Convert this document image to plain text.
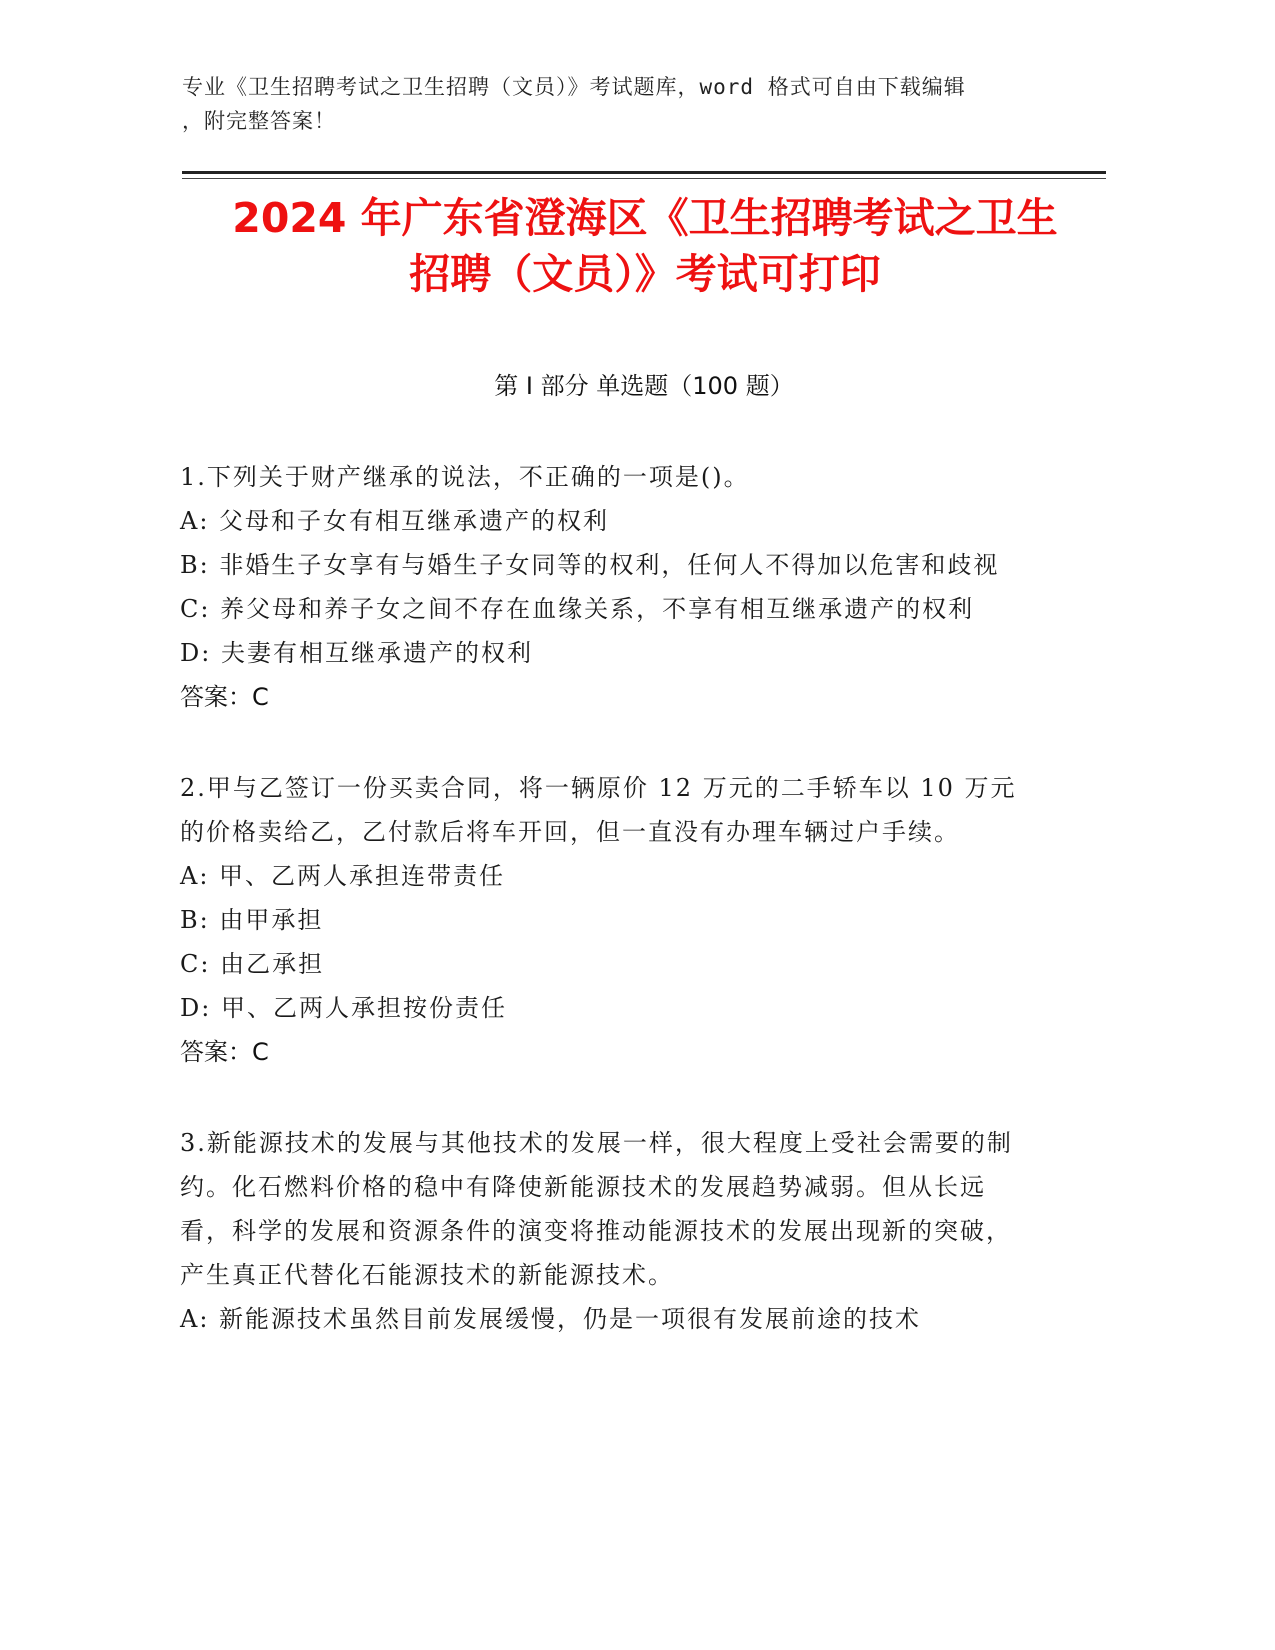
专业《卫生招聘考试之卫生招聘（文员）》考试题库，word 格式可自由下载编辑
，附完整答案！
2024 年广东省澄海区《卫生招聘考试之卫生
招聘（文员）》考试可打印
第 I 部分 单选题（100 题）
1.下列关于财产继承的说法，不正确的一项是()。
A: 父母和子女有相互继承遗产的权利
B: 非婚生子女享有与婚生子女同等的权利，任何人不得加以危害和歧视
C: 养父母和养子女之间不存在血缘关系，不享有相互继承遗产的权利
D: 夫妻有相互继承遗产的权利
答案：C
2.甲与乙签订一份买卖合同，将一辆原价 12 万元的二手轿车以 10 万元的价格卖给乙，乙付款后将车开回，但一直没有办理车辆过户手续。
A: 甲、乙两人承担连带责任
B: 由甲承担
C: 由乙承担
D: 甲、乙两人承担按份责任
答案：C
3.新能源技术的发展与其他技术的发展一样，很大程度上受社会需要的制约。化石燃料价格的稳中有降使新能源技术的发展趋势减弱。但从长远看，科学的发展和资源条件的演变将推动能源技术的发展出现新的突破，产生真正代替化石能源技术的新能源技术。
A: 新能源技术虽然目前发展缓慢，仍是一项很有发展前途的技术
